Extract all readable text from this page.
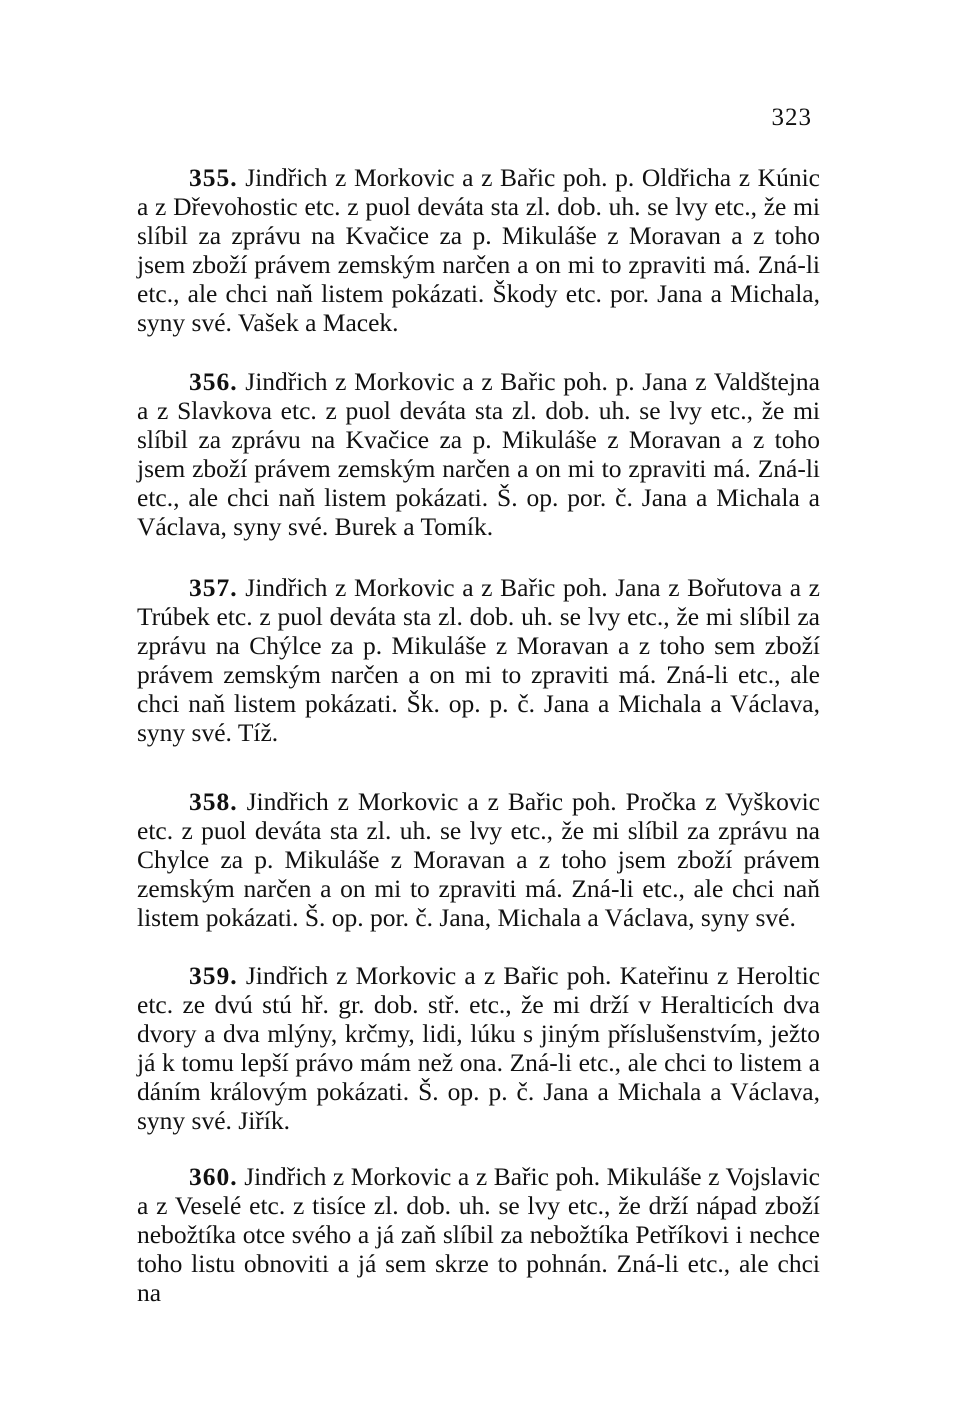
323

355. Jindřich z Morkovic a z Bařic poh. p. Oldřicha z Kúnic a z Dřevohostic etc. z puol deváta sta zl. dob. uh. se lvy etc., že mi slíbil za zprávu na Kvačice za p. Mikuláše z Moravan a z toho jsem zboží právem zemským narčen a on mi to zpraviti má. Zná-li etc., ale chci naň listem pokázati. Škody etc. por. Jana a Michala, syny své. Vašek a Macek.

356. Jindřich z Morkovic a z Bařic poh. p. Jana z Valdštejna a z Slavkova etc. z puol deváta sta zl. dob. uh. se lvy etc., že mi slíbil za zprávu na Kvačice za p. Mikuláše z Moravan a z toho jsem zboží právem zemským narčen a on mi to zpraviti má. Zná-li etc., ale chci naň listem pokázati. Š. op. por. č. Jana a Michala a Václava, syny své. Burek a Tomík.

357. Jindřich z Morkovic a z Bařic poh. Jana z Bořutova a z Trúbek etc. z puol deváta sta zl. dob. uh. se lvy etc., že mi slíbil za zprávu na Chýlce za p. Mikuláše z Moravan a z toho sem zboží právem zemským narčen a on mi to zpraviti má. Zná-li etc., ale chci naň listem pokázati. Šk. op. p. č. Jana a Michala a Václava, syny své. Tíž.

358. Jindřich z Morkovic a z Bařic poh. Pročka z Vyškovic etc. z puol deváta sta zl. uh. se lvy etc., že mi slíbil za zprávu na Chylce za p. Mikuláše z Moravan a z toho jsem zboží právem zemským narčen a on mi to zpraviti má. Zná-li etc., ale chci naň listem pokázati. Š. op. por. č. Jana, Michala a Václava, syny své.

359. Jindřich z Morkovic a z Bařic poh. Kateřinu z Heroltic etc. ze dvú stú hř. gr. dob. stř. etc., že mi drží v Heralticích dva dvory a dva mlýny, krčmy, lidi, lúku s jiným příslušenstvím, ježto já k tomu lepší právo mám než ona. Zná-li etc., ale chci to listem a dáním královým pokázati. Š. op. p. č. Jana a Michala a Václava, syny své. Jiřík.

360. Jindřich z Morkovic a z Bařic poh. Mikuláše z Vojslavic a z Veselé etc. z tisíce zl. dob. uh. se lvy etc., že drží nápad zboží nebožtíka otce svého a já zaň slíbil za nebožtíka Petříkovi i nechce toho listu obnoviti a já sem skrze to pohnán. Zná-li etc., ale chci na
